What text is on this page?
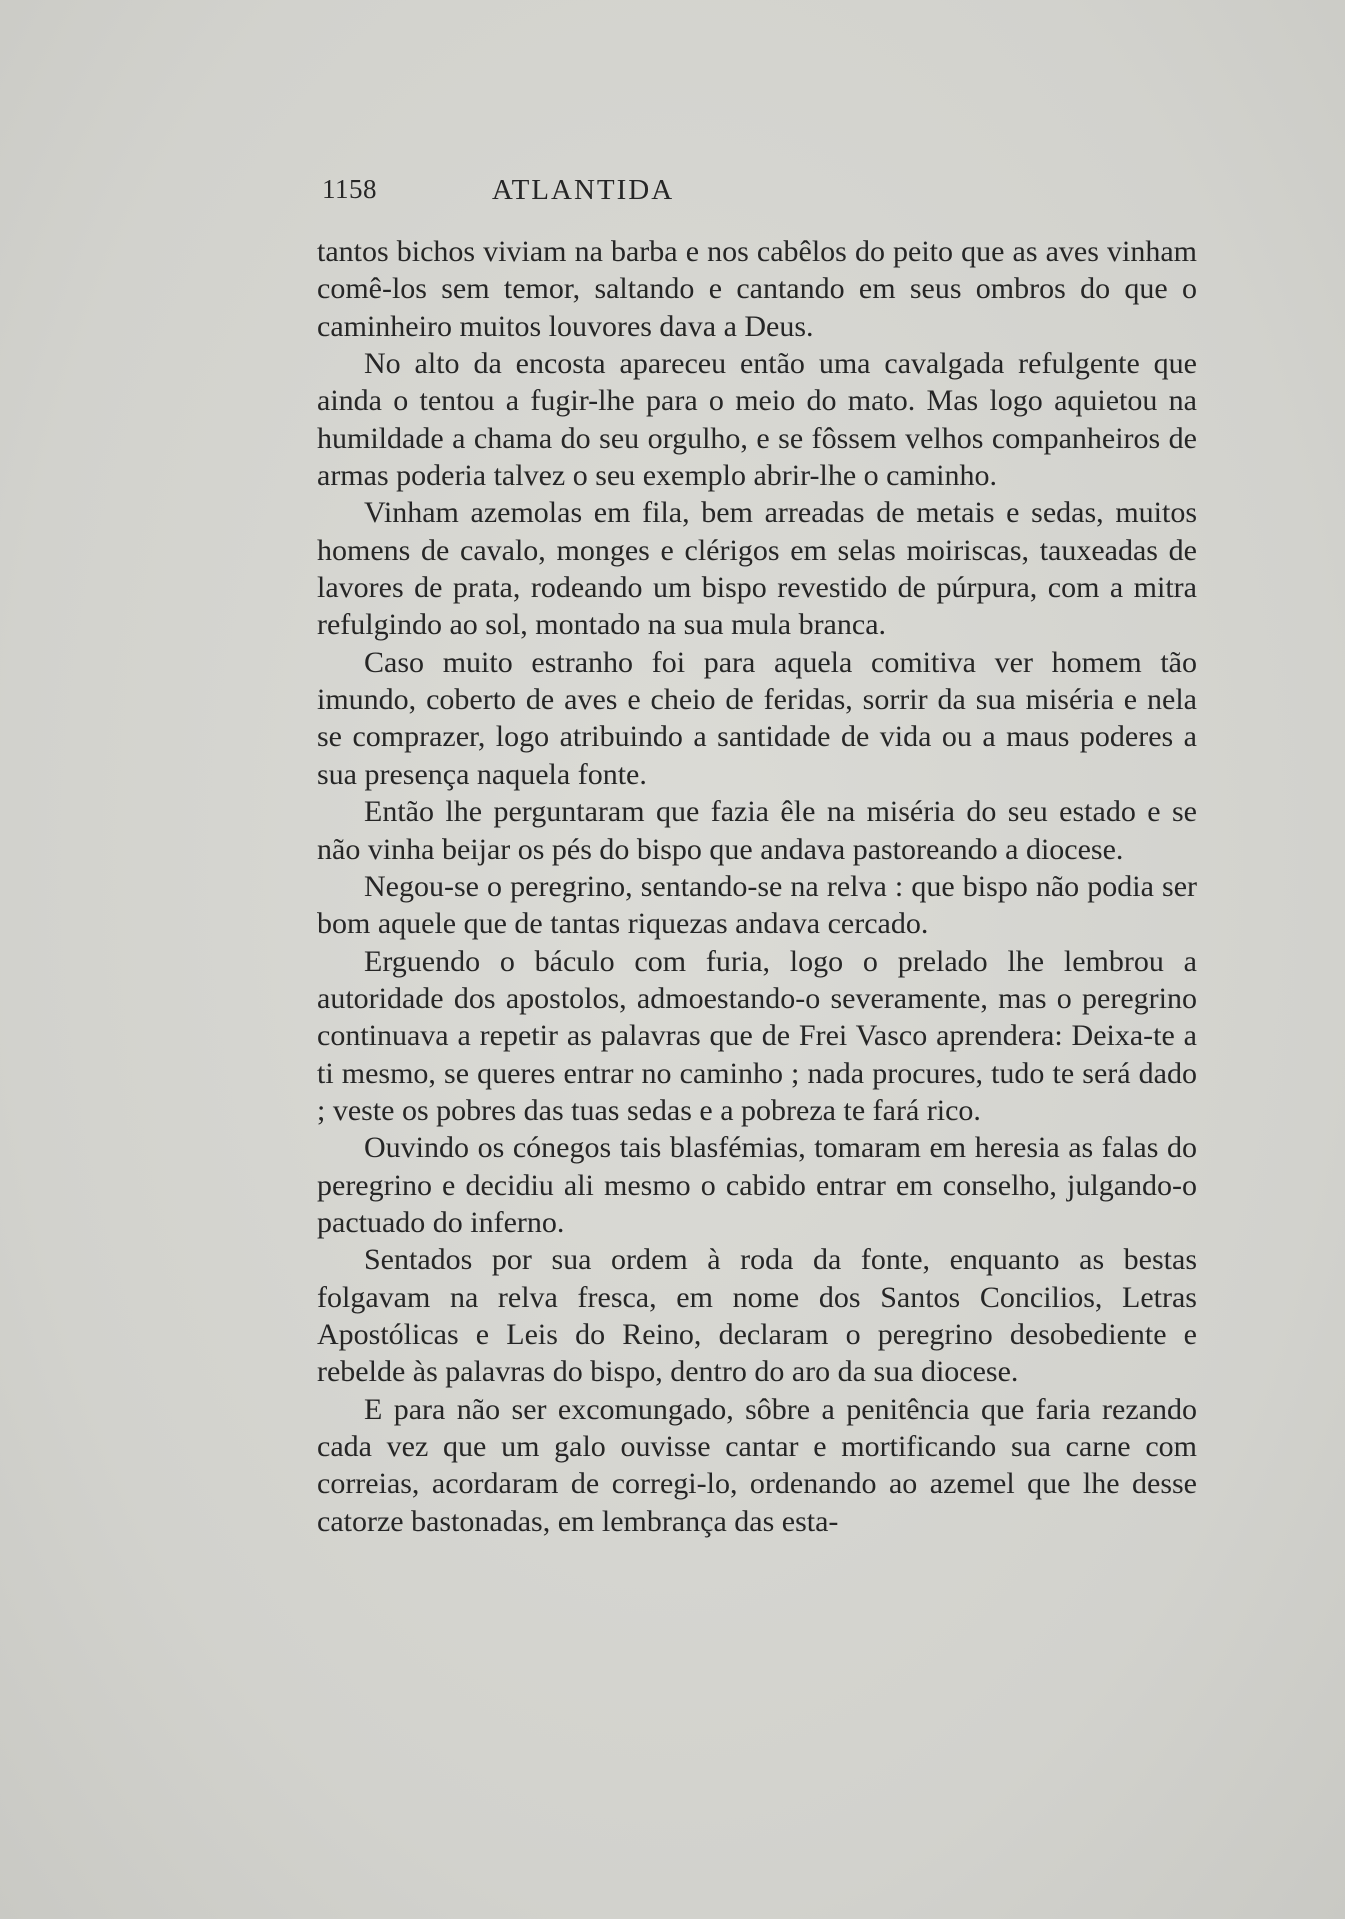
1158	ATLANTIDA

tantos bichos viviam na barba e nos cabêlos do peito que as aves vinham comê-los sem temor, saltando e cantando em seus ombros do que o caminheiro muitos louvores dava a Deus.

No alto da encosta apareceu então uma cavalgada refulgente que ainda o tentou a fugir-lhe para o meio do mato. Mas logo aquietou na humildade a chama do seu orgulho, e se fôssem velhos companheiros de armas poderia talvez o seu exemplo abrir-lhe o caminho.

Vinham azemolas em fila, bem arreadas de metais e sedas, muitos homens de cavalo, monges e clérigos em selas moiriscas, tauxeadas de lavores de prata, rodeando um bispo revestido de púrpura, com a mitra refulgindo ao sol, montado na sua mula branca.

Caso muito estranho foi para aquela comitiva ver homem tão imundo, coberto de aves e cheio de feridas, sorrir da sua miséria e nela se comprazer, logo atribuindo a santidade de vida ou a maus poderes a sua presença naquela fonte.

Então lhe perguntaram que fazia êle na miséria do seu estado e se não vinha beijar os pés do bispo que andava pastoreando a diocese.

Negou-se o peregrino, sentando-se na relva : que bispo não podia ser bom aquele que de tantas riquezas andava cercado.

Erguendo o báculo com furia, logo o prelado lhe lembrou a autoridade dos apostolos, admoestando-o severamente, mas o peregrino continuava a repetir as palavras que de Frei Vasco aprendera: Deixa-te a ti mesmo, se queres entrar no caminho ; nada procures, tudo te será dado ; veste os pobres das tuas sedas e a pobreza te fará rico.

Ouvindo os cónegos tais blasfémias, tomaram em heresia as falas do peregrino e decidiu ali mesmo o cabido entrar em conselho, julgando-o pactuado do inferno.

Sentados por sua ordem à roda da fonte, enquanto as bestas folgavam na relva fresca, em nome dos Santos Concilios, Letras Apostólicas e Leis do Reino, declaram o peregrino desobediente e rebelde às palavras do bispo, dentro do aro da sua diocese.

E para não ser excomungado, sôbre a penitência que faria rezando cada vez que um galo ouvisse cantar e mortificando sua carne com correias, acordaram de corregi-lo, ordenando ao azemel que lhe desse catorze bastonadas, em lembrança das esta-
